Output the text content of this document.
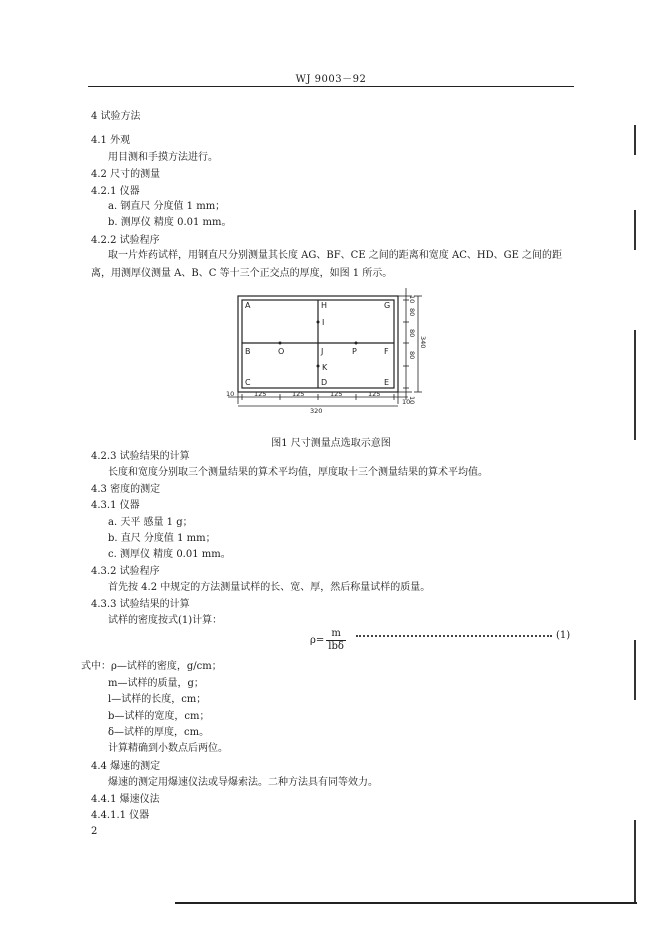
WJ 9003－92
4 试验方法
4.1 外观
用目测和手摸方法进行。
4.2 尺寸的测量
4.2.1 仪器
a. 钢直尺 分度值 1 mm；
b. 测厚仪 精度 0.01 mm。
4.2.2 试验程序
取一片炸药试样，用钢直尺分别测量其长度 AG、BF、CE 之间的距离和宽度 AC、HD、GE 之间的距离，用测厚仪测量 A、B、C 等十三个正交点的厚度，如图 1 所示。
A	H	G
I
B	O	J	P	F
K
C	D	E
10	125	125	125	125
10
320
10
80
80
80
10
340
图1 尺寸测量点选取示意图
4.2.3 试验结果的计算
长度和宽度分别取三个测量结果的算术平均值，厚度取十三个测量结果的算术平均值。
4.3 密度的测定
4.3.1 仪器
a. 天平 感量 1 g；
b. 直尺 分度值 1 mm；
c. 测厚仪 精度 0.01 mm。
4.3.2 试验程序
首先按 4.2 中规定的方法测量试样的长、宽、厚，然后称量试样的质量。
4.3.3 试验结果的计算
试样的密度按式(1)计算：
$\rho= \frac{m}{\text{lbδ}}$	(1)
式中：ρ—试样的密度，g/cm；
m—试样的质量，g；
l—试样的长度，cm；
b—试样的宽度，cm；
δ—试样的厚度，cm。
计算精确到小数点后两位。
4.4 爆速的测定
爆速的测定用爆速仪法或导爆索法。二种方法具有同等效力。
4.4.1 爆速仪法
4.4.1.1 仪器
2
